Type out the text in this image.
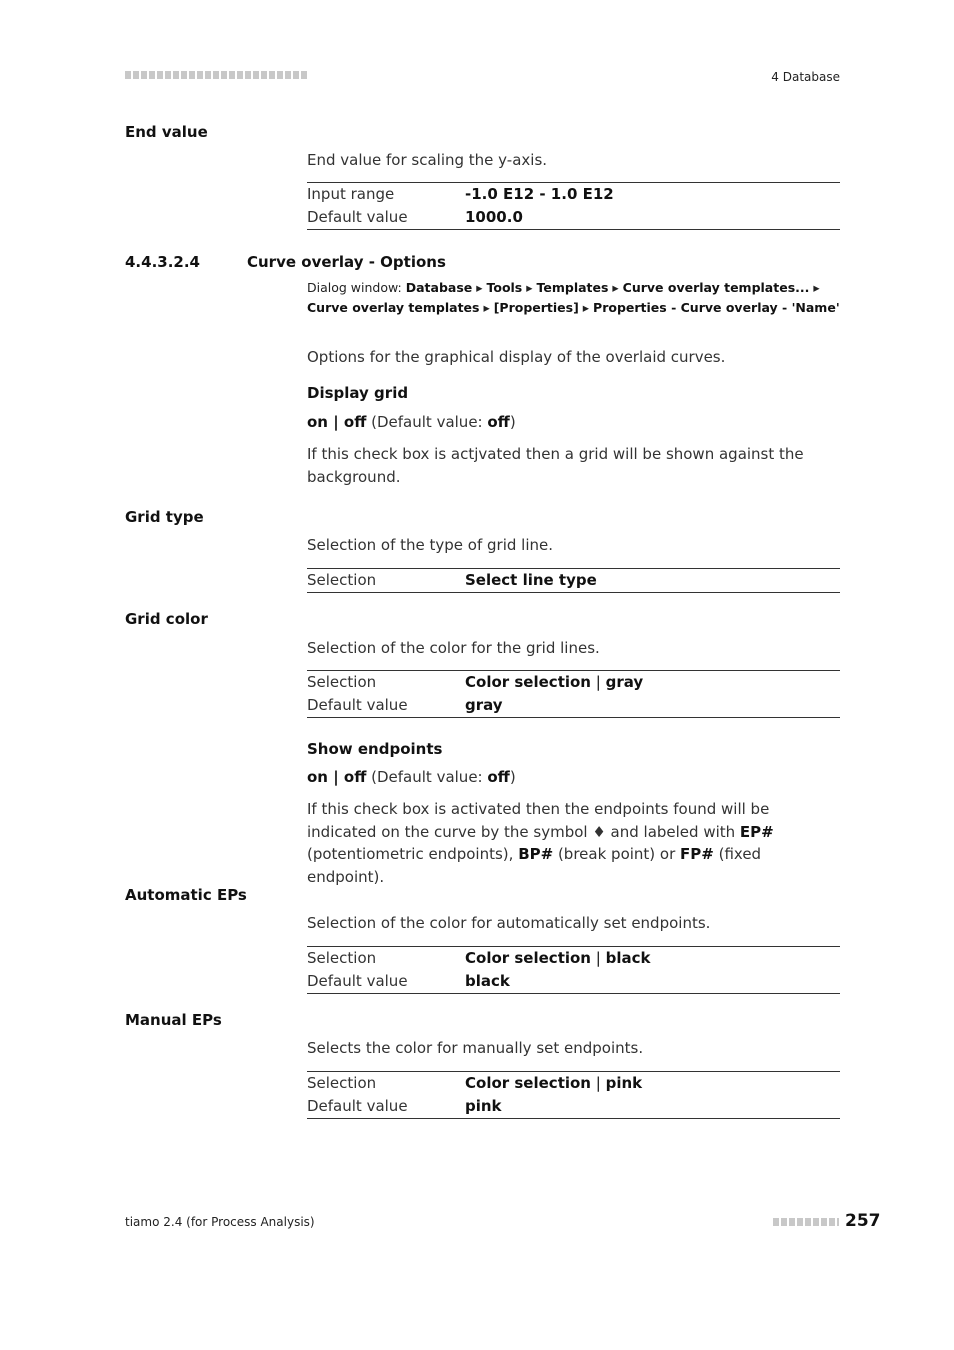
4 Database
End value
End value for scaling the y-axis.
Input range	-1.0 E12 - 1.0 E12
Default value	1000.0
4.4.3.2.4	Curve overlay - Options
Dialog window: Database ▸ Tools ▸ Templates ▸ Curve overlay templates... ▸ Curve overlay templates ▸ [Properties] ▸ Properties - Curve overlay - 'Name'
Options for the graphical display of the overlaid curves.
Display grid
on | off (Default value: off)
If this check box is actjvated then a grid will be shown against the background.
Grid type
Selection of the type of grid line.
Selection	Select line type
Grid color
Selection of the color for the grid lines.
Selection	Color selection | gray
Default value	gray
Show endpoints
on | off (Default value: off)
If this check box is activated then the endpoints found will be indicated on the curve by the symbol ♦ and labeled with EP# (potentiometric endpoints), BP# (break point) or FP# (fixed endpoint).
Automatic EPs
Selection of the color for automatically set endpoints.
Selection	Color selection | black
Default value	black
Manual EPs
Selects the color for manually set endpoints.
Selection	Color selection | pink
Default value	pink
tiamo 2.4 (for Process Analysis)	257
